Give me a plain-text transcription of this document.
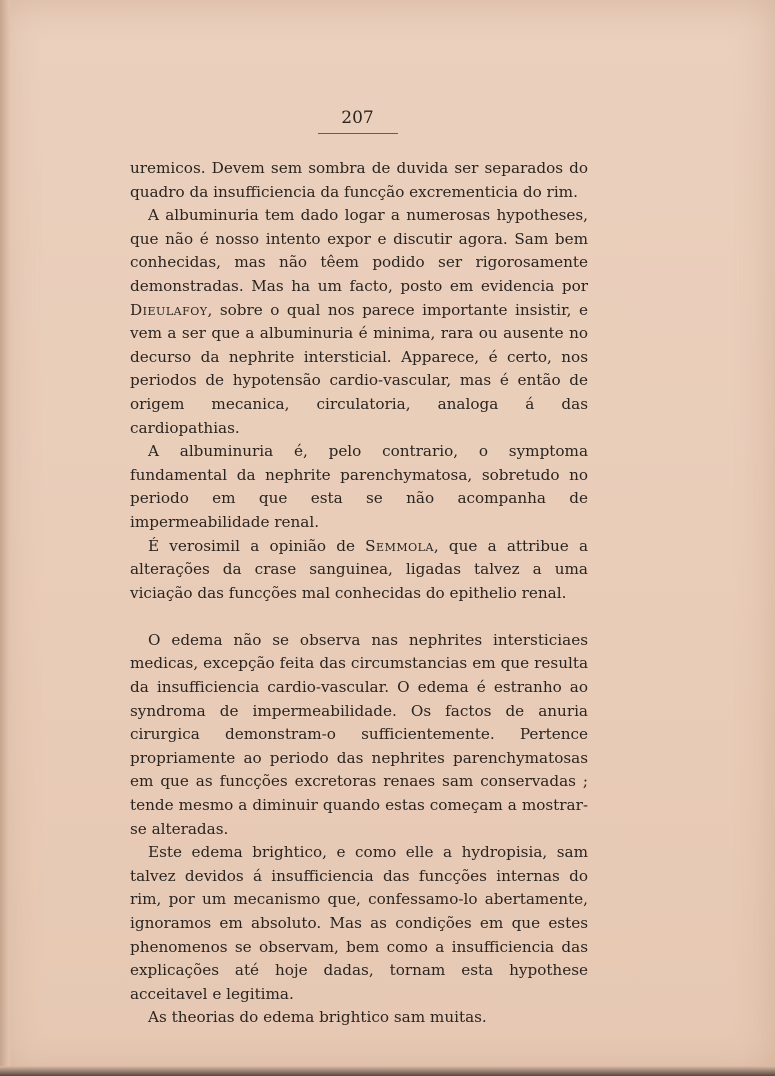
207

uremicos. Devem sem sombra de duvida ser separados do quadro da insufficiencia da funcção excrementicia do rim.

A albuminuria tem dado logar a numerosas hypotheses, que não é nosso intento expor e discutir agora. Sam bem conhecidas, mas não têem podido ser rigorosamente demonstradas. Mas ha um facto, posto em evidencia por Dieulafoy, sobre o qual nos parece importante insistir, e vem a ser que a albuminuria é minima, rara ou ausente no decurso da nephrite intersticial. Apparece, é certo, nos periodos de hypotensão cardio-vascular, mas é então de origem mecanica, circulatoria, analoga á das cardiopathias.

A albuminuria é, pelo contrario, o symptoma fundamental da nephrite parenchymatosa, sobretudo no periodo em que esta se não acompanha de impermeabilidade renal.

É verosimil a opinião de Semmola, que a attribue a alterações da crase sanguinea, ligadas talvez a uma viciação das funcções mal conhecidas do epithelio renal.

O edema não se observa nas nephrites intersticiaes medicas, excepção feita das circumstancias em que resulta da insufficiencia cardio-vascular. O edema é estranho ao syndroma de impermeabilidade. Os factos de anuria cirurgica demonstram-o sufficientemente. Pertence propriamente ao periodo das nephrites parenchymatosas em que as funcções excretoras renaes sam conservadas ; tende mesmo a diminuir quando estas começam a mostrar-se alteradas.

Este edema brightico, e como elle a hydropisia, sam talvez devidos á insufficiencia das funcções internas do rim, por um mecanismo que, confessamo-lo abertamente, ignoramos em absoluto. Mas as condições em que estes phenomenos se observam, bem como a insufficiencia das explicações até hoje dadas, tornam esta hypothese acceitavel e legitima.

As theorias do edema brightico sam muitas.
